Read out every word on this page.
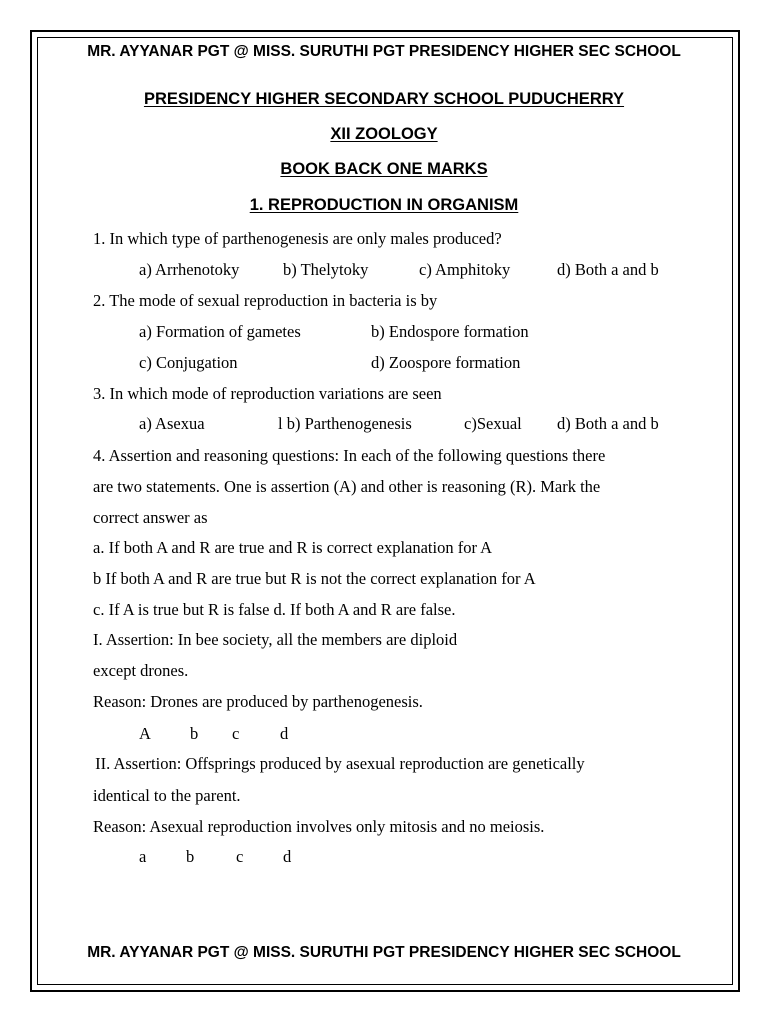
MR. AYYANAR PGT @ MISS. SURUTHI PGT PRESIDENCY HIGHER SEC SCHOOL
PRESIDENCY HIGHER SECONDARY SCHOOL PUDUCHERRY
XII ZOOLOGY
BOOK BACK ONE MARKS
1. REPRODUCTION IN ORGANISM
1. In which type of parthenogenesis are only males produced?
a) Arrhenotoky	b) Thelytoky	c) Amphitoky	d) Both a and b
2. The mode of sexual reproduction in bacteria is by
a) Formation of gametes	b) Endospore formation
c) Conjugation	d) Zoospore formation
3. In which mode of reproduction variations are seen
a) Asexua	l b) Parthenogenesis	c)Sexual d) Both a and b
4. Assertion and reasoning questions: In each of the following questions there
are two statements. One is assertion (A) and other is reasoning (R). Mark the
correct answer as
a. If both A and R are true and R is correct explanation for A
b If both A and R are true but R is not the correct explanation for A
c. If A is true but R is false d. If both A and R are false.
I. Assertion: In bee society, all the members are diploid
except drones.
Reason: Drones are produced by parthenogenesis.
A b c d
II. Assertion: Offsprings produced by asexual reproduction are genetically
identical to the parent.
Reason: Asexual reproduction involves only mitosis and no meiosis.
a b	c d
MR. AYYANAR PGT @ MISS. SURUTHI PGT PRESIDENCY HIGHER SEC SCHOOL
